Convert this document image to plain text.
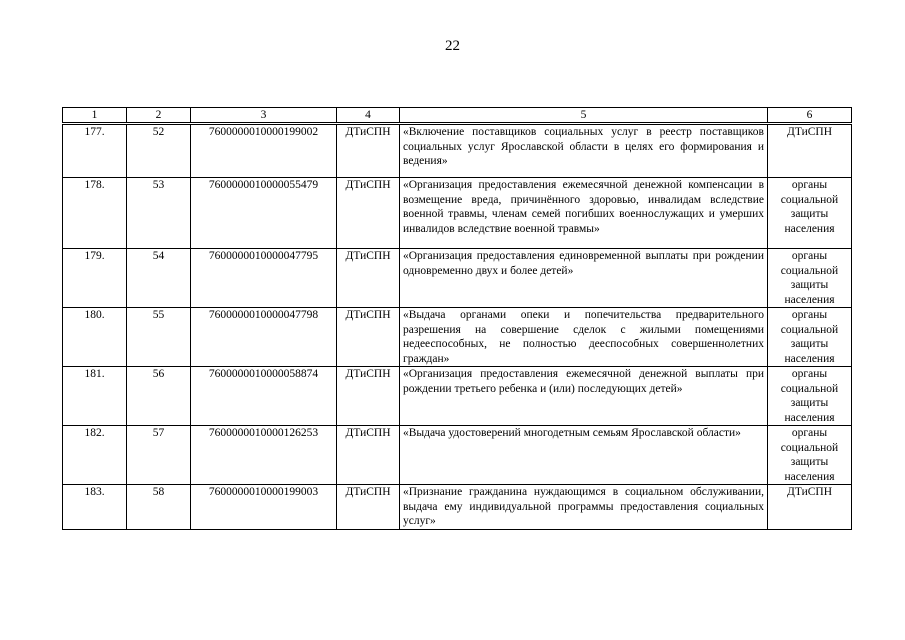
22
1	2	3	4	5	6
177.	52	7600000010000199002	ДТиСПН	«Включение поставщиков социальных услуг в реестр поставщиков социальных услуг Ярославской области в целях его формирования и ведения»	ДТиСПН
178.	53	7600000010000055479	ДТиСПН	«Организация предоставления ежемесячной денежной компенсации в возмещение вреда, причинённого здоровью, инвалидам вследствие военной травмы, членам семей погибших военнослужащих и умерших инвалидов вследствие военной травмы»	органы социальной защиты населения
179.	54	7600000010000047795	ДТиСПН	«Организация предоставления единовременной выплаты при рождении одновременно двух и более детей»	органы социальной защиты населения
180.	55	7600000010000047798	ДТиСПН	«Выдача органами опеки и попечительства предварительного разрешения на совершение сделок с жилыми помещениями недееспособных, не полностью дееспособных совершеннолетних граждан»	органы социальной защиты населения
181.	56	7600000010000058874	ДТиСПН	«Организация предоставления ежемесячной денежной выплаты при рождении третьего ребенка и (или) последующих детей»	органы социальной защиты населения
182.	57	7600000010000126253	ДТиСПН	«Выдача удостоверений многодетным семьям Ярославской области»	органы социальной защиты населения
183.	58	7600000010000199003	ДТиСПН	«Признание гражданина нуждающимся в социальном обслуживании, выдача ему индивидуальной программы предоставления социальных услуг»	ДТиСПН
